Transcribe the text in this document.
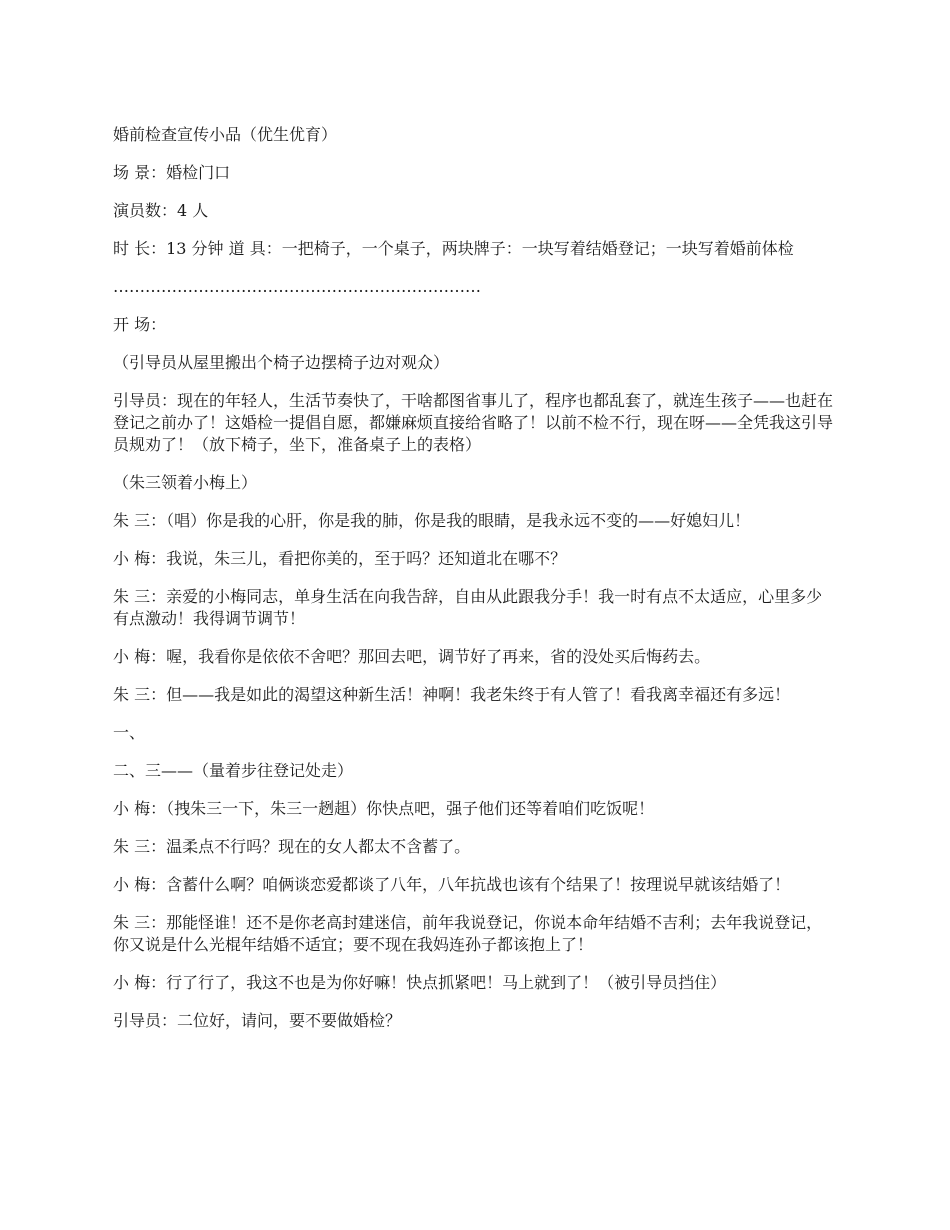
婚前检查宣传小品（优生优育）

场 景：婚检门口

演员数：4 人

时 长：13 分钟 道 具：一把椅子，一个桌子，两块牌子：一块写着结婚登记；一块写着婚前体检

……………………………………………………………

开 场：

（引导员从屋里搬出个椅子边摆椅子边对观众）

引导员：现在的年轻人，生活节奏快了，干啥都图省事儿了，程序也都乱套了，就连生孩子——也赶在登记之前办了！这婚检一提倡自愿，都嫌麻烦直接给省略了！以前不检不行，现在呀——全凭我这引导员规劝了！（放下椅子，坐下，准备桌子上的表格）

（朱三领着小梅上）

朱 三：（唱）你是我的心肝，你是我的肺，你是我的眼睛，是我永远不变的——好媳妇儿！

小 梅：我说，朱三儿，看把你美的，至于吗？还知道北在哪不？

朱 三：亲爱的小梅同志，单身生活在向我告辞，自由从此跟我分手！我一时有点不太适应，心里多少有点激动！我得调节调节！

小 梅：喔，我看你是依依不舍吧？那回去吧，调节好了再来，省的没处买后悔药去。

朱 三：但——我是如此的渴望这种新生活！神啊！我老朱终于有人管了！看我离幸福还有多远！

一、

二、三——（量着步往登记处走）

小 梅：（拽朱三一下，朱三一趔趄）你快点吧，强子他们还等着咱们吃饭呢！

朱 三：温柔点不行吗？现在的女人都太不含蓄了。

小 梅：含蓄什么啊？咱俩谈恋爱都谈了八年，八年抗战也该有个结果了！按理说早就该结婚了！

朱 三：那能怪谁！还不是你老高封建迷信，前年我说登记，你说本命年结婚不吉利；去年我说登记，你又说是什么光棍年结婚不适宜；要不现在我妈连孙子都该抱上了！

小 梅：行了行了，我这不也是为你好嘛！快点抓紧吧！马上就到了！（被引导员挡住）

引导员：二位好，请问，要不要做婚检？
